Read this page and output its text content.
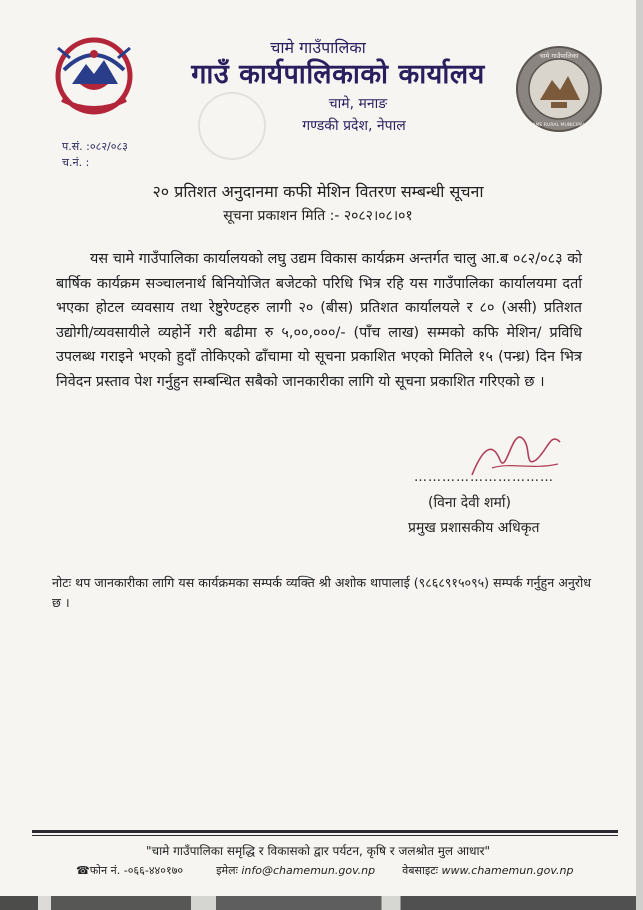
चामे गाउँपालिका
CHAME RURAL MUNICIPALITY
चामे गाउँपालिका
गाउँ कार्यपालिकाको कार्यालय
चामे, मनाङ
गण्डकी प्रदेश, नेपाल
प.सं. :०८२/०८३
च.नं. :
२० प्रतिशत अनुदानमा कफी मेशिन वितरण सम्बन्धी सूचना
सूचना प्रकाशन मिति :- २०८२।०८।०१
यस चामे गाउँपालिका कार्यालयको लघु उद्यम विकास कार्यक्रम अन्तर्गत चालु आ.ब ०८२/०८३ को बार्षिक कार्यक्रम सञ्चालनार्थ बिनियोजित बजेटको परिधि भित्र रहि यस गाउँपालिका कार्यालयमा दर्ता भएका होटल व्यवसाय तथा रेष्टुरेण्टहरु लागी २० (बीस) प्रतिशत कार्यालयले र ८० (असी) प्रतिशत उद्योगी/व्यवसायीले व्यहोर्ने गरी बढीमा रु ५,००,०००/- (पाँच लाख) सम्मको कफि मेशिन/ प्रविधि उपलब्ध गराइने भएको हुदाँ तोकिएको ढाँचामा यो सूचना प्रकाशित भएको मितिले १५ (पन्ध्र) दिन भित्र निवेदन प्रस्ताव पेश गर्नुहुन सम्बन्धित सबैको जानकारीका लागि यो सूचना प्रकाशित गरिएको छ ।
…………………………
(विना देवी शर्मा)
प्रमुख प्रशासकीय अधिकृत
नोटः थप जानकारीका लागि यस कार्यक्रमका सम्पर्क व्यक्ति श्री अशोक थापालाई (९८६८९१५०९५) सम्पर्क गर्नुहुन अनुरोध छ ।
"चामे गाउँपालिका समृद्धि र विकासको द्वार पर्यटन, कृषि र जलश्रोत मुल आधार"
☎फोन नं. -०६६-४४०१७०	इमेलः info@chamemun.gov.np वेबसाइटः www.chamemun.gov.np
